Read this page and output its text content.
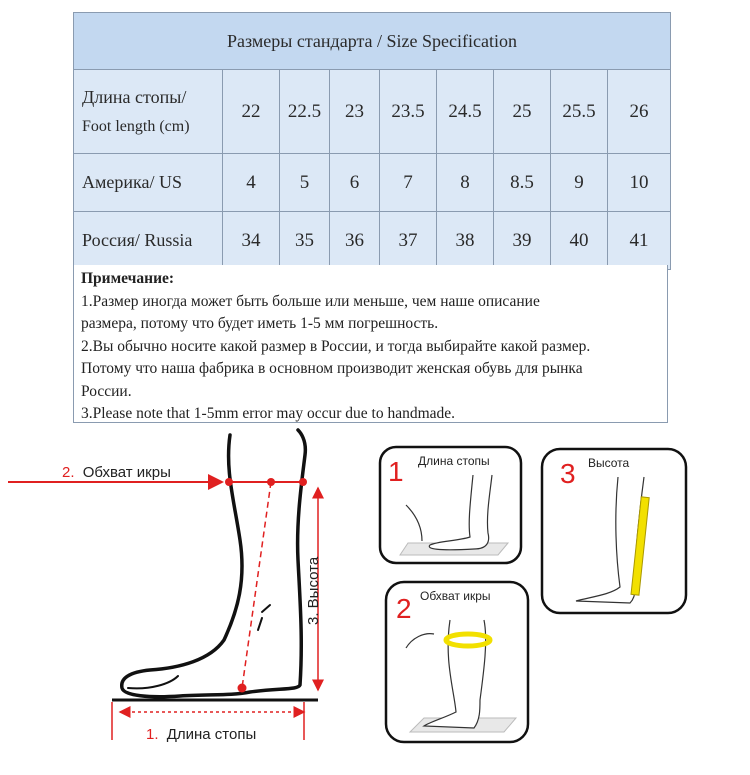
Размеры стандарта / Size Specification								

Длина стопы/
Foot length (cm)	22	22.5	23	23.5	24.5	25	25.5	26
Америка/ US	4	5	6	7	8	8.5	9	10
Россия/ Russia	34	35	36	37	38	39	40	41
Примечание:
1.Размер иногда может быть больше или меньше, чем наше описание
размера, потому что будет иметь 1-5 мм погрешность.
2.Вы обычно носите какой размер в России, и тогда выбирайте какой размер.
Потому что наша фабрика в основном производит женская обувь для рынка
России.
3.Please note that 1-5mm error may occur due to handmade.
2. Обхват икры
3. Высота
1. Длина стопы
1 Длина стопы	3 Высота
2 Обхват икры
